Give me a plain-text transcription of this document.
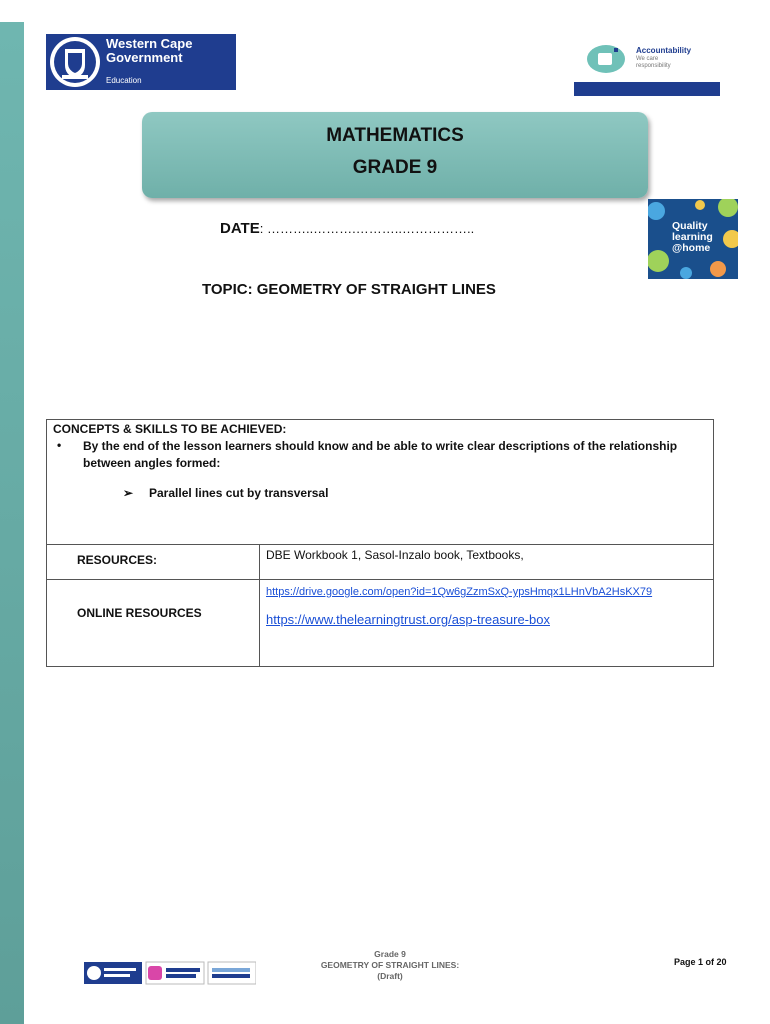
Western Cape
Government
Education
Accountability
We care
responsibility
MATHEMATICS
GRADE 9
DATE: ………..……….………..……………..	Quality
learning
@home
TOPIC: GEOMETRY OF STRAIGHT LINES
CONCEPTS & SKILLS TO BE ACHIEVED:
• By the end of the lesson learners should know and be able to write clear descriptions of the relationship between angles formed:
➢ Parallel lines cut by transversal	

RESOURCES:	DBE Workbook 1, Sasol-Inzalo book, Textbooks,
ONLINE RESOURCES	https://drive.google.com/open?id=1Qw6gZzmSxQ-ypsHmqx1LHnVbA2HsKX79
https://www.thelearningtrust.org/asp-treasure-box
Grade 9
GEOMETRY OF STRAIGHT LINES:
(Draft)
Page 1 of 20
